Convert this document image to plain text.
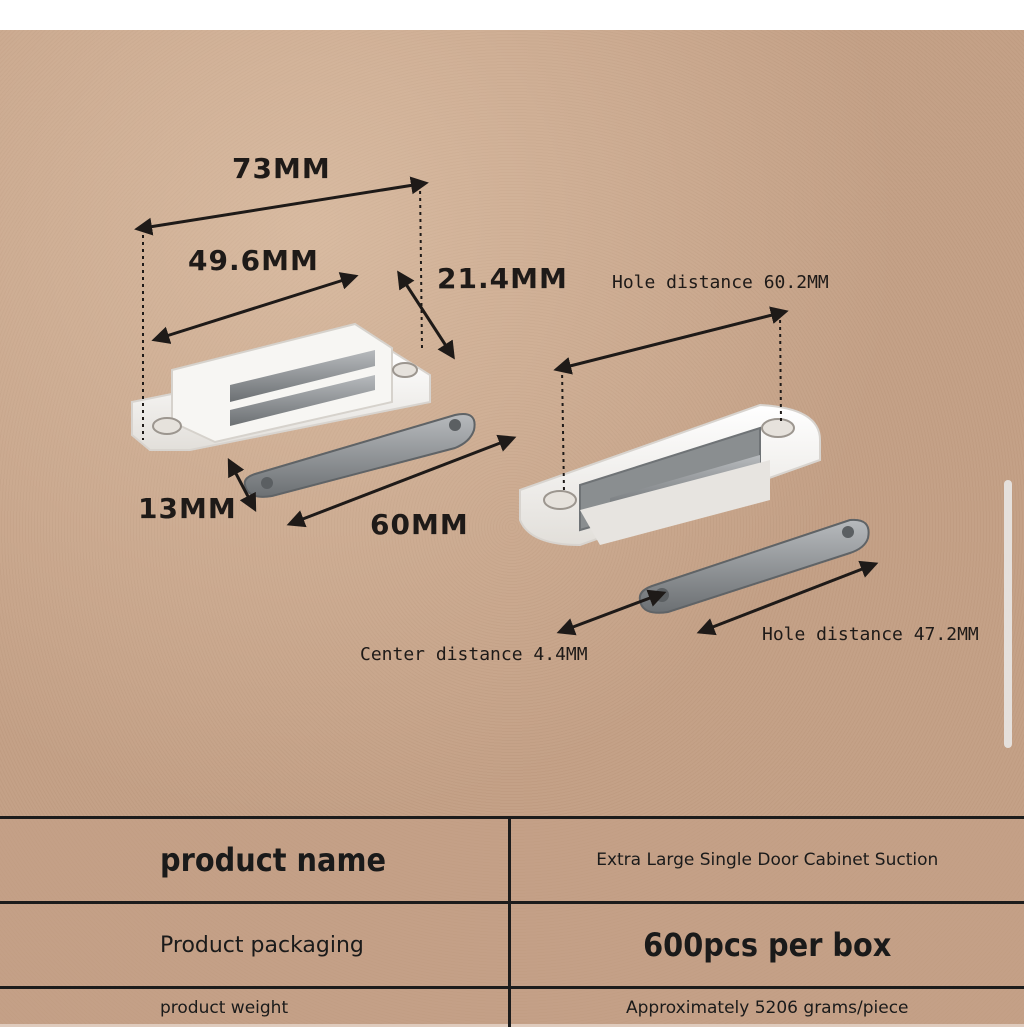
73MM
49.6MM
21.4MM
13MM	60MM
Hole distance 60.2MM
Hole distance 47.2MM
Center distance 4.4MM
product name	Extra Large Single Door Cabinet Suction
Product packaging	600pcs per box
product weight	Approximately 5206 grams/piece
